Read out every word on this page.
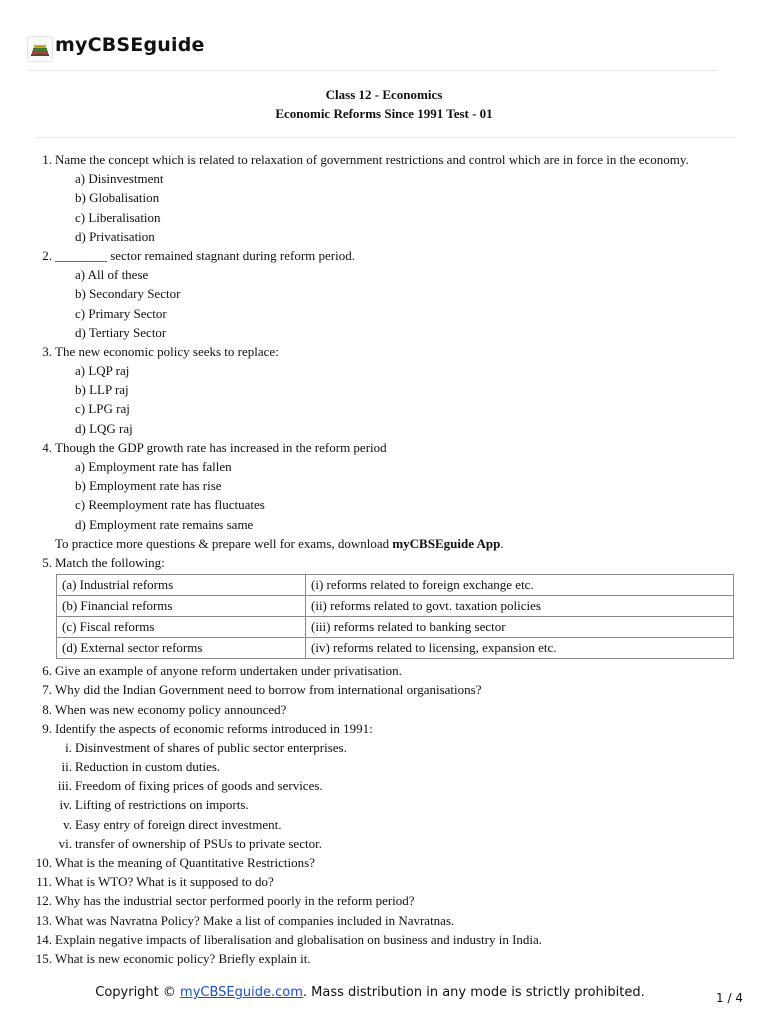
myCBSEguide
Class 12 - Economics
Economic Reforms Since 1991 Test - 01
1. Name the concept which is related to relaxation of government restrictions and control which are in force in the economy.
a) Disinvestment
b) Globalisation
c) Liberalisation
d) Privatisation
2. ________ sector remained stagnant during reform period.
a) All of these
b) Secondary Sector
c) Primary Sector
d) Tertiary Sector
3. The new economic policy seeks to replace:
a) LQP raj
b) LLP raj
c) LPG raj
d) LQG raj
4. Though the GDP growth rate has increased in the reform period
a) Employment rate has fallen
b) Employment rate has rise
c) Reemployment rate has fluctuates
d) Employment rate remains same
To practice more questions & prepare well for exams, download myCBSEguide App.
5. Match the following:
(a) Industrial reforms	(i) reforms related to foreign exchange etc.
(b) Financial reforms	(ii) reforms related to govt. taxation policies
(c) Fiscal reforms	(iii) reforms related to banking sector
(d) External sector reforms	(iv) reforms related to licensing, expansion etc.
6. Give an example of anyone reform undertaken under privatisation.
7. Why did the Indian Government need to borrow from international organisations?
8. When was new economy policy announced?
9. Identify the aspects of economic reforms introduced in 1991:
i. Disinvestment of shares of public sector enterprises.
ii. Reduction in custom duties.
iii. Freedom of fixing prices of goods and services.
iv. Lifting of restrictions on imports.
v. Easy entry of foreign direct investment.
vi. transfer of ownership of PSUs to private sector.
10. What is the meaning of Quantitative Restrictions?
11. What is WTO? What is it supposed to do?
12. Why has the industrial sector performed poorly in the reform period?
13. What was Navratna Policy? Make a list of companies included in Navratnas.
14. Explain negative impacts of liberalisation and globalisation on business and industry in India.
15. What is new economic policy? Briefly explain it.
Copyright © myCBSEguide.com. Mass distribution in any mode is strictly prohibited.	1 / 4
